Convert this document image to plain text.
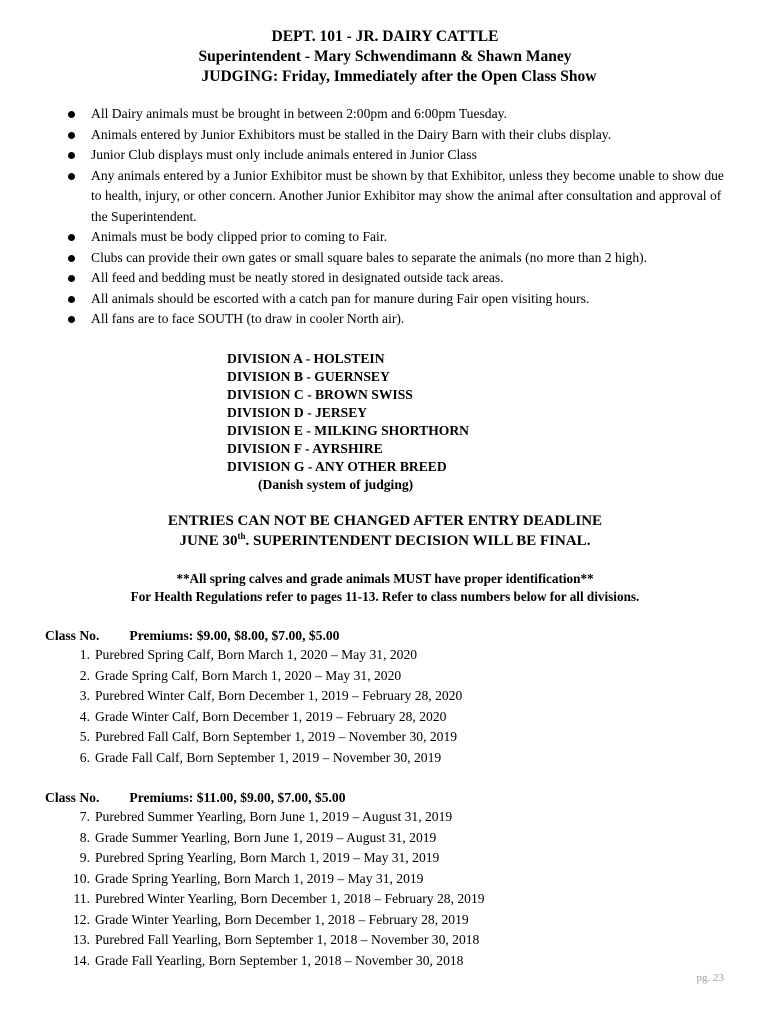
DEPT. 101 - JR. DAIRY CATTLE
Superintendent - Mary Schwendimann & Shawn Maney
JUDGING: Friday, Immediately after the Open Class Show
All Dairy animals must be brought in between 2:00pm and 6:00pm Tuesday.
Animals entered by Junior Exhibitors must be stalled in the Dairy Barn with their clubs display.
Junior Club displays must only include animals entered in Junior Class
Any animals entered by a Junior Exhibitor must be shown by that Exhibitor, unless they become unable to show due to health, injury, or other concern. Another Junior Exhibitor may show the animal after consultation and approval of the Superintendent.
Animals must be body clipped prior to coming to Fair.
Clubs can provide their own gates or small square bales to separate the animals (no more than 2 high).
All feed and bedding must be neatly stored in designated outside tack areas.
All animals should be escorted with a catch pan for manure during Fair open visiting hours.
All fans are to face SOUTH (to draw in cooler North air).
DIVISION A - HOLSTEIN
DIVISION B - GUERNSEY
DIVISION C - BROWN SWISS
DIVISION D - JERSEY
DIVISION E - MILKING SHORTHORN
DIVISION F - AYRSHIRE
DIVISION G - ANY OTHER BREED
(Danish system of judging)
ENTRIES CAN NOT BE CHANGED AFTER ENTRY DEADLINE
JUNE 30th. SUPERINTENDENT DECISION WILL BE FINAL.
**All spring calves and grade animals MUST have proper identification**
For Health Regulations refer to pages 11-13. Refer to class numbers below for all divisions.
Class No. Premiums: $9.00, $8.00, $7.00, $5.00
1. Purebred Spring Calf, Born March 1, 2020 – May 31, 2020
2. Grade Spring Calf, Born March 1, 2020 – May 31, 2020
3. Purebred Winter Calf, Born December 1, 2019 – February 28, 2020
4. Grade Winter Calf, Born December 1, 2019 – February 28, 2020
5. Purebred Fall Calf, Born September 1, 2019 – November 30, 2019
6. Grade Fall Calf, Born September 1, 2019 – November 30, 2019
Class No. Premiums: $11.00, $9.00, $7.00, $5.00
7. Purebred Summer Yearling, Born June 1, 2019 – August 31, 2019
8. Grade Summer Yearling, Born June 1, 2019 – August 31, 2019
9. Purebred Spring Yearling, Born March 1, 2019 – May 31, 2019
10. Grade Spring Yearling, Born March 1, 2019 – May 31, 2019
11. Purebred Winter Yearling, Born December 1, 2018 – February 28, 2019
12. Grade Winter Yearling, Born December 1, 2018 – February 28, 2019
13. Purebred Fall Yearling, Born September 1, 2018 – November 30, 2018
14. Grade Fall Yearling, Born September 1, 2018 – November 30, 2018
pg. 23
